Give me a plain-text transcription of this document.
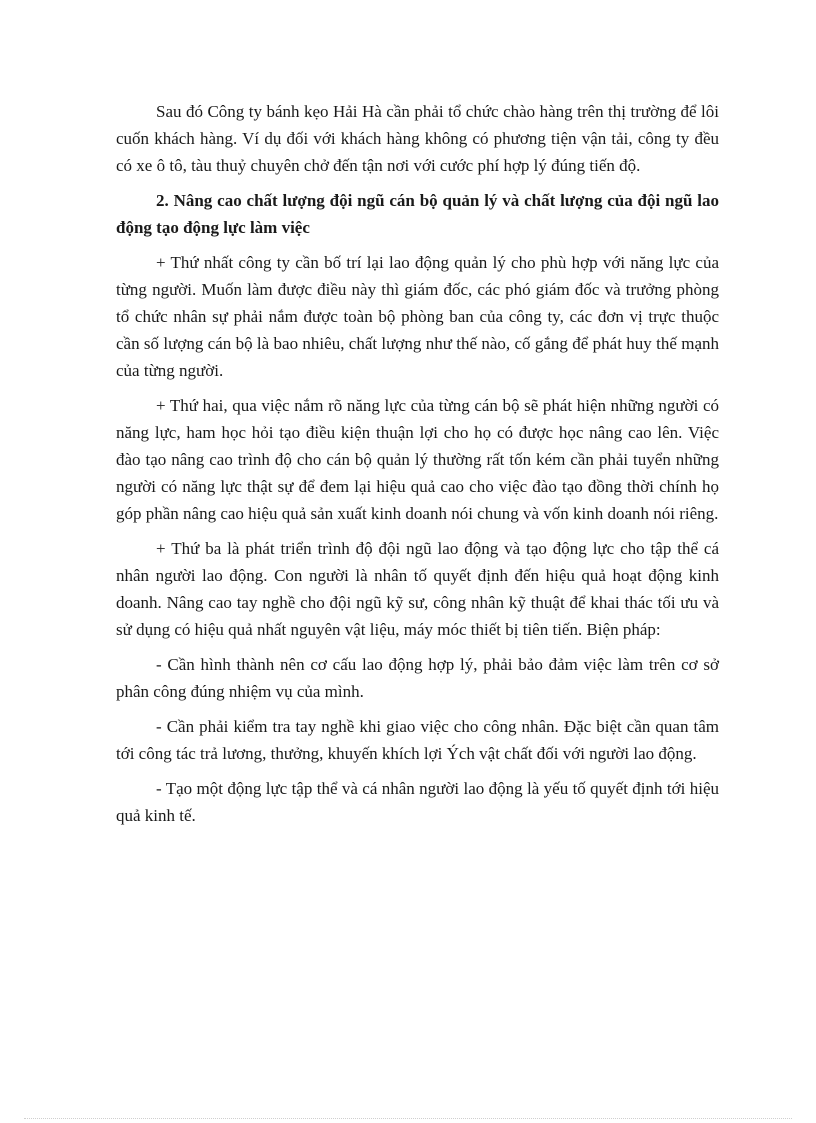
Sau đó Công ty bánh kẹo Hải Hà cần phải tổ chức chào hàng trên thị trường để lôi cuốn khách hàng. Ví dụ đối với khách hàng không có phương tiện vận tải, công ty đều có xe ô tô, tàu thuỷ chuyên chở đến tận nơi với cước phí hợp lý đúng tiến độ.

2. Nâng cao chất lượng đội ngũ cán bộ quản lý và chất lượng của đội ngũ lao động tạo động lực làm việc

+ Thứ nhất công ty cần bố trí lại lao động quản lý cho phù hợp với năng lực của từng người. Muốn làm được điều này thì giám đốc, các phó giám đốc và trưởng phòng tổ chức nhân sự phải nắm được toàn bộ phòng ban của công ty, các đơn vị trực thuộc cần số lượng cán bộ là bao nhiêu, chất lượng như thế nào, cố gắng để phát huy thế mạnh của từng người.

+ Thứ hai, qua việc nắm rõ năng lực của từng cán bộ sẽ phát hiện những người có năng lực, ham học hỏi tạo điều kiện thuận lợi cho họ có được học nâng cao lên. Việc đào tạo nâng cao trình độ cho cán bộ quản lý thường rất tốn kém cần phải tuyển những người có năng lực thật sự để đem lại hiệu quả cao cho việc đào tạo đồng thời chính họ góp phần nâng cao hiệu quả sản xuất kinh doanh nói chung và vốn kinh doanh nói riêng.

+ Thứ ba là phát triển trình độ đội ngũ lao động và tạo động lực cho tập thể cá nhân người lao động. Con người là nhân tố quyết định đến hiệu quả hoạt động kinh doanh. Nâng cao tay nghề cho đội ngũ kỹ sư, công nhân kỹ thuật để khai thác tối ưu và sử dụng có hiệu quả nhất nguyên vật liệu, máy móc thiết bị tiên tiến. Biện pháp:

- Cần hình thành nên cơ cấu lao động hợp lý, phải bảo đảm việc làm trên cơ sở phân công đúng nhiệm vụ của mình.

- Cần phải kiểm tra tay nghề khi giao việc cho công nhân. Đặc biệt cần quan tâm tới công tác trả lương, thưởng, khuyến khích lợi Ých vật chất đối với người lao động.

- Tạo một động lực tập thể và cá nhân người lao động là yếu tố quyết định tới hiệu quả kinh tế.
